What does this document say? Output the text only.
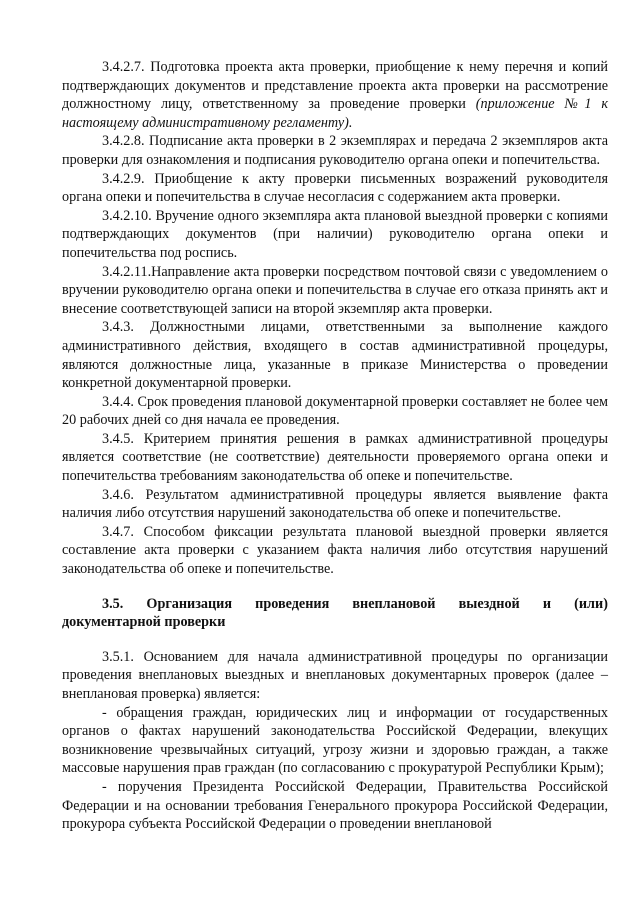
3.4.2.7. Подготовка проекта акта проверки, приобщение к нему перечня и копий подтверждающих документов и представление проекта акта проверки на рассмотрение должностному лицу, ответственному за проведение проверки (приложение №1 к настоящему административному регламенту).

3.4.2.8. Подписание акта проверки в 2 экземплярах и передача 2 экземпляров акта проверки для ознакомления и подписания руководителю органа опеки и попечительства.

3.4.2.9. Приобщение к акту проверки письменных возражений руководителя органа опеки и попечительства в случае несогласия с содержанием акта проверки.

3.4.2.10. Вручение одного экземпляра акта плановой выездной проверки с копиями подтверждающих документов (при наличии) руководителю органа опеки и попечительства под роспись.

3.4.2.11.Направление акта проверки посредством почтовой связи с уведомлением о вручении руководителю органа опеки и попечительства в случае его отказа принять акт и внесение соответствующей записи на второй экземпляр акта проверки.

3.4.3. Должностными лицами, ответственными за выполнение каждого административного действия, входящего в состав административной процедуры, являются должностные лица, указанные в приказе Министерства о проведении конкретной документарной проверки.

3.4.4. Срок проведения плановой документарной проверки составляет не более чем 20 рабочих дней со дня начала ее проведения.

3.4.5. Критерием принятия решения в рамках административной процедуры является соответствие (не соответствие) деятельности проверяемого органа опеки и попечительства требованиям законодательства об опеке и попечительстве.

3.4.6. Результатом административной процедуры является выявление факта наличия либо отсутствия нарушений законодательства об опеке и попечительстве.

3.4.7. Способом фиксации результата плановой выездной проверки является составление акта проверки с указанием факта наличия либо отсутствия нарушений законодательства об опеке и попечительстве.

3.5. Организация проведения внеплановой выездной и (или)
документарной проверки

3.5.1. Основанием для начала административной процедуры по организации проведения внеплановых выездных и внеплановых документарных проверок (далее – внеплановая проверка) является:

- обращения граждан, юридических лиц и информации от государственных органов о фактах нарушений законодательства Российской Федерации, влекущих возникновение чрезвычайных ситуаций, угрозу жизни и здоровью граждан, а также массовые нарушения прав граждан (по согласованию с прокуратурой Республики Крым);

- поручения Президента Российской Федерации, Правительства Российской Федерации и на основании требования Генерального прокурора Российской Федерации, прокурора субъекта Российской Федерации о проведении внеплановой
